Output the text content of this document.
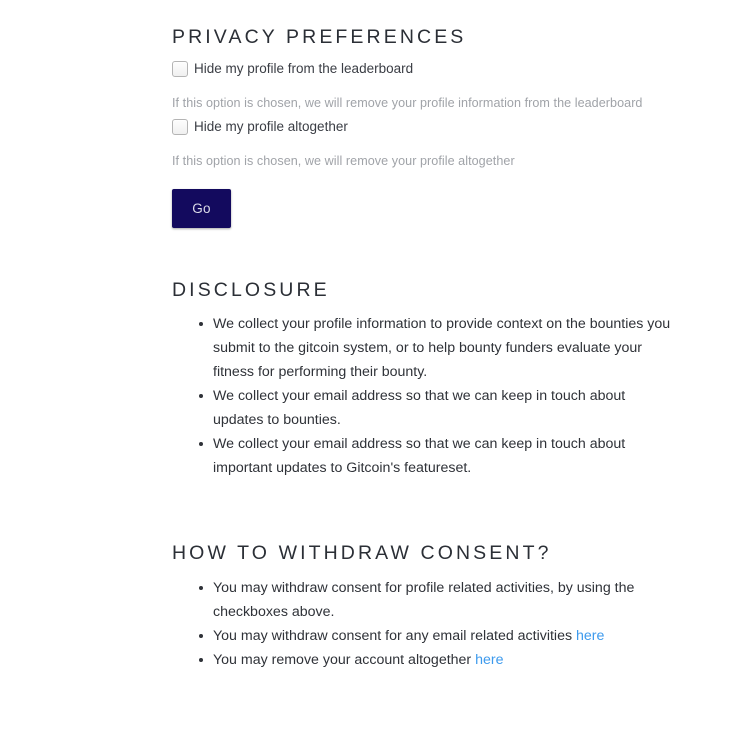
PRIVACY PREFERENCES
Hide my profile from the leaderboard
If this option is chosen, we will remove your profile information from the leaderboard
Hide my profile altogether
If this option is chosen, we will remove your profile altogether
Go
DISCLOSURE
We collect your profile information to provide context on the bounties you submit to the gitcoin system, or to help bounty funders evaluate your fitness for performing their bounty.
We collect your email address so that we can keep in touch about updates to bounties.
We collect your email address so that we can keep in touch about important updates to Gitcoin's featureset.
HOW TO WITHDRAW CONSENT?
You may withdraw consent for profile related activities, by using the checkboxes above.
You may withdraw consent for any email related activities here
You may remove your account altogether here
